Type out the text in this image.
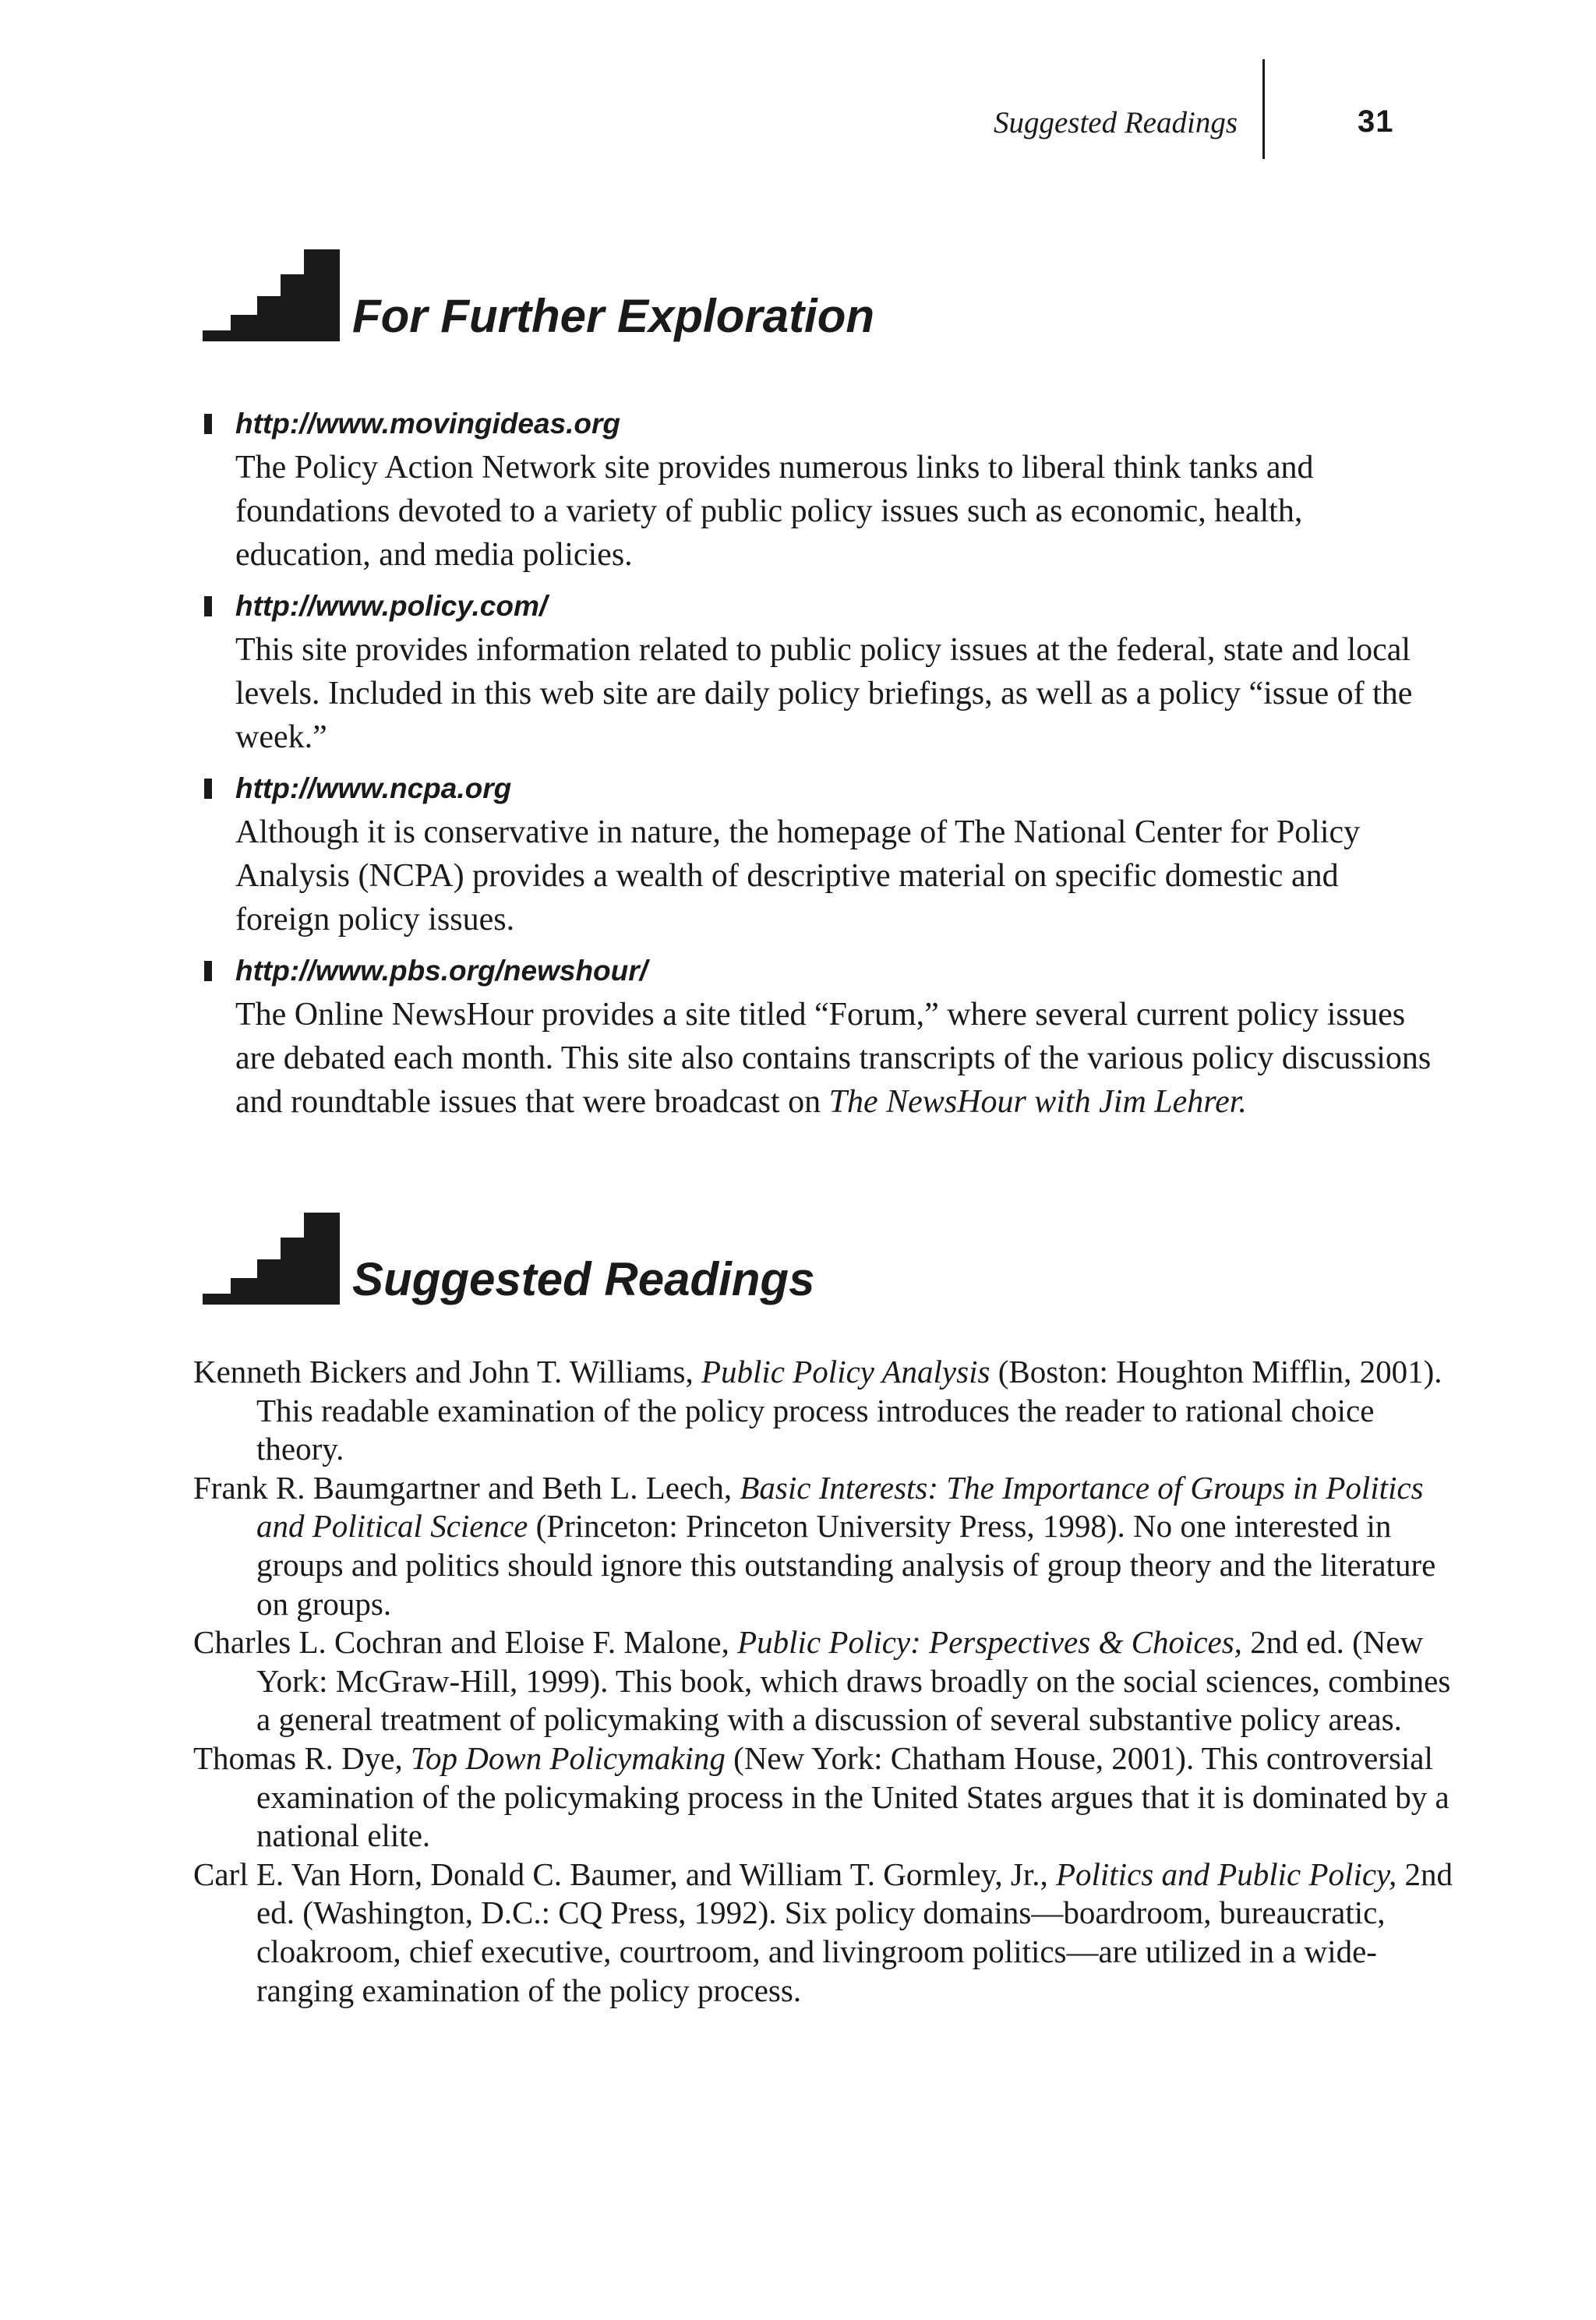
Suggested Readings	31
For Further Exploration
http://www.movingideas.org

The Policy Action Network site provides numerous links to liberal think tanks and foundations devoted to a variety of public policy issues such as economic, health, education, and media policies.

http://www.policy.com/

This site provides information related to public policy issues at the federal, state and local levels. Included in this web site are daily policy briefings, as well as a policy “issue of the week.”

http://www.ncpa.org

Although it is conservative in nature, the homepage of The National Center for Policy Analysis (NCPA) provides a wealth of descriptive material on specific domestic and foreign policy issues.

http://www.pbs.org/newshour/

The Online NewsHour provides a site titled “Forum,” where several current policy issues are debated each month. This site also contains transcripts of the various policy discussions and roundtable issues that were broadcast on The NewsHour with Jim Lehrer.

Suggested Readings

Kenneth Bickers and John T. Williams, Public Policy Analysis (Boston: Houghton Mifflin, 2001). This readable examination of the policy process introduces the reader to rational choice theory.

Frank R. Baumgartner and Beth L. Leech, Basic Interests: The Importance of Groups in Politics and Political Science (Princeton: Princeton University Press, 1998). No one interested in groups and politics should ignore this outstanding analysis of group theory and the literature on groups.

Charles L. Cochran and Eloise F. Malone, Public Policy: Perspectives & Choices, 2nd ed. (New York: McGraw-Hill, 1999). This book, which draws broadly on the social sciences, combines a general treatment of policymaking with a discussion of several substantive policy areas.

Thomas R. Dye, Top Down Policymaking (New York: Chatham House, 2001). This controversial examination of the policymaking process in the United States argues that it is dominated by a national elite.

Carl E. Van Horn, Donald C. Baumer, and William T. Gormley, Jr., Politics and Public Policy, 2nd ed. (Washington, D.C.: CQ Press, 1992). Six policy domains—boardroom, bureaucratic, cloakroom, chief executive, courtroom, and livingroom politics—are utilized in a wide-ranging examination of the policy process.
